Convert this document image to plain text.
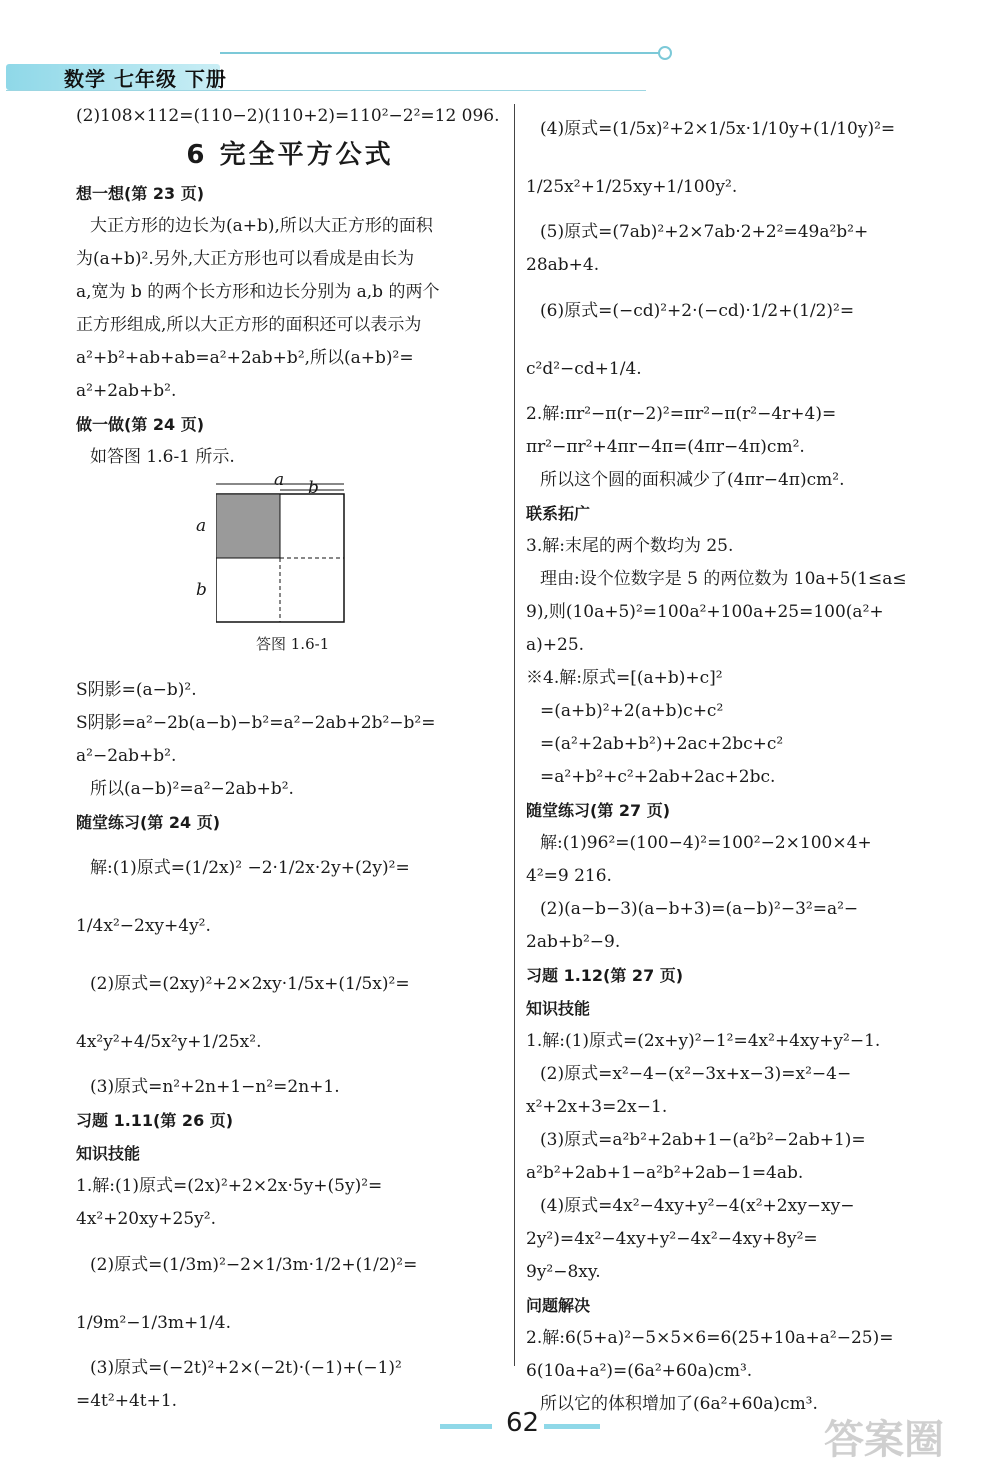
数学 七年级 下册
(2)108×112=(110−2)(110+2)=110²−2²=12 096.
6 完全平方公式
想一想(第 23 页)
大正方形的边长为(a+b),所以大正方形的面积
为(a+b)².另外,大正方形也可以看成是由长为
a,宽为 b 的两个长方形和边长分别为 a,b 的两个
正方形组成,所以大正方形的面积还可以表示为
a²+b²+ab+ab=a²+2ab+b²,所以(a+b)²=
a²+2ab+b².
做一做(第 24 页)
如答图 1.6-1 所示.
a b
a
b
答图 1.6-1
S阴影=(a−b)².
S阴影=a²−2b(a−b)−b²=a²−2ab+2b²−b²=
a²−2ab+b².
所以(a−b)²=a²−2ab+b².
随堂练习(第 24 页)
解:(1)原式=(1/2x)² −2·1/2x·2y+(2y)²=
1/4x²−2xy+4y².
(2)原式=(2xy)²+2×2xy·1/5x+(1/5x)²=
4x²y²+4/5x²y+1/25x².
(3)原式=n²+2n+1−n²=2n+1.
习题 1.11(第 26 页)
知识技能
1.解:(1)原式=(2x)²+2×2x·5y+(5y)²=
4x²+20xy+25y².
(2)原式=(1/3m)²−2×1/3m·1/2+(1/2)²=
1/9m²−1/3m+1/4.
(3)原式=(−2t)²+2×(−2t)·(−1)+(−1)²
=4t²+4t+1.
(4)原式=(1/5x)²+2×1/5x·1/10y+(1/10y)²=
1/25x²+1/25xy+1/100y².
(5)原式=(7ab)²+2×7ab·2+2²=49a²b²+
28ab+4.
(6)原式=(−cd)²+2·(−cd)·1/2+(1/2)²=
c²d²−cd+1/4.
2.解:πr²−π(r−2)²=πr²−π(r²−4r+4)=
πr²−πr²+4πr−4π=(4πr−4π)cm².
所以这个圆的面积减少了(4πr−4π)cm².
联系拓广
3.解:末尾的两个数均为 25.
理由:设个位数字是 5 的两位数为 10a+5(1≤a≤
9),则(10a+5)²=100a²+100a+25=100(a²+
a)+25.
※4.解:原式=[(a+b)+c]²
=(a+b)²+2(a+b)c+c²
=(a²+2ab+b²)+2ac+2bc+c²
=a²+b²+c²+2ab+2ac+2bc.
随堂练习(第 27 页)
解:(1)96²=(100−4)²=100²−2×100×4+
4²=9 216.
(2)(a−b−3)(a−b+3)=(a−b)²−3²=a²−
2ab+b²−9.
习题 1.12(第 27 页)
知识技能
1.解:(1)原式=(2x+y)²−1²=4x²+4xy+y²−1.
(2)原式=x²−4−(x²−3x+x−3)=x²−4−
x²+2x+3=2x−1.
(3)原式=a²b²+2ab+1−(a²b²−2ab+1)=
a²b²+2ab+1−a²b²+2ab−1=4ab.
(4)原式=4x²−4xy+y²−4(x²+2xy−xy−
2y²)=4x²−4xy+y²−4x²−4xy+8y²=
9y²−8xy.
问题解决
2.解:6(5+a)²−5×5×6=6(25+10a+a²−25)=
6(10a+a²)=(6a²+60a)cm³.
所以它的体积增加了(6a²+60a)cm³.
62	答案圈
